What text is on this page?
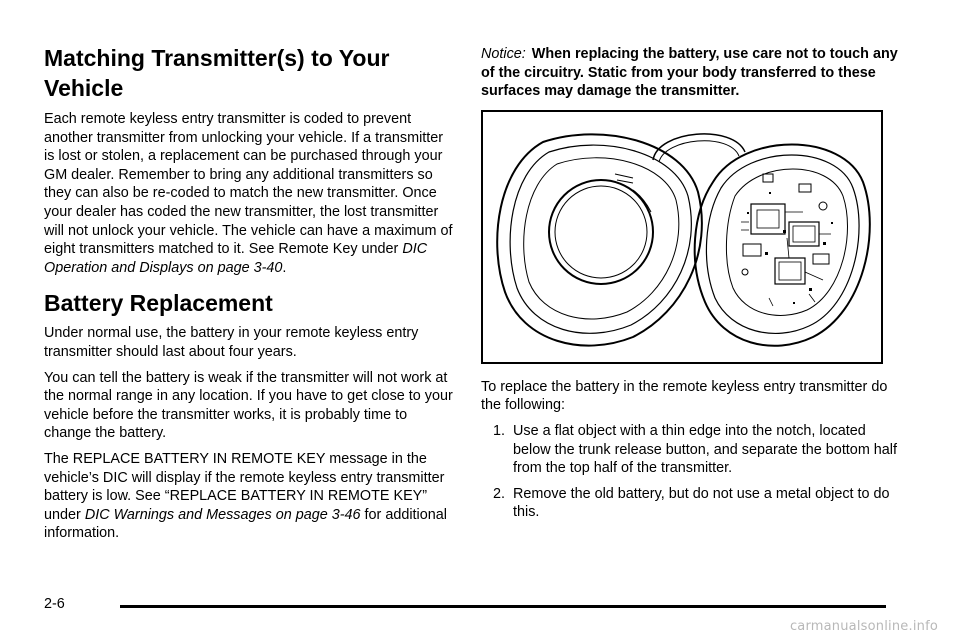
Matching Transmitter(s) to Your
Vehicle

Each remote keyless entry transmitter is coded to prevent another transmitter from unlocking your vehicle. If a transmitter is lost or stolen, a replacement can be purchased through your GM dealer. Remember to bring any additional transmitters so they can also be re-coded to match the new transmitter. Once your dealer has coded the new transmitter, the lost transmitter will not unlock your vehicle. The vehicle can have a maximum of eight transmitters matched to it. See Remote Key under DIC Operation and Displays on page 3-40.

Battery Replacement

Under normal use, the battery in your remote keyless entry transmitter should last about four years.

You can tell the battery is weak if the transmitter will not work at the normal range in any location. If you have to get close to your vehicle before the transmitter works, it is probably time to change the battery.

The REPLACE BATTERY IN REMOTE KEY message in the vehicle’s DIC will display if the remote keyless entry transmitter battery is low. See “REPLACE BATTERY IN REMOTE KEY” under DIC Warnings and Messages on page 3-46 for additional information.

Notice: When replacing the battery, use care not to touch any of the circuitry. Static from your body transferred to these surfaces may damage the transmitter.

To replace the battery in the remote keyless entry transmitter do the following:

1. Use a flat object with a thin edge into the notch, located below the trunk release button, and separate the bottom half from the top half of the transmitter.
2. Remove the old battery, but do not use a metal object to do this.
2-6
carmanualsonline.info
